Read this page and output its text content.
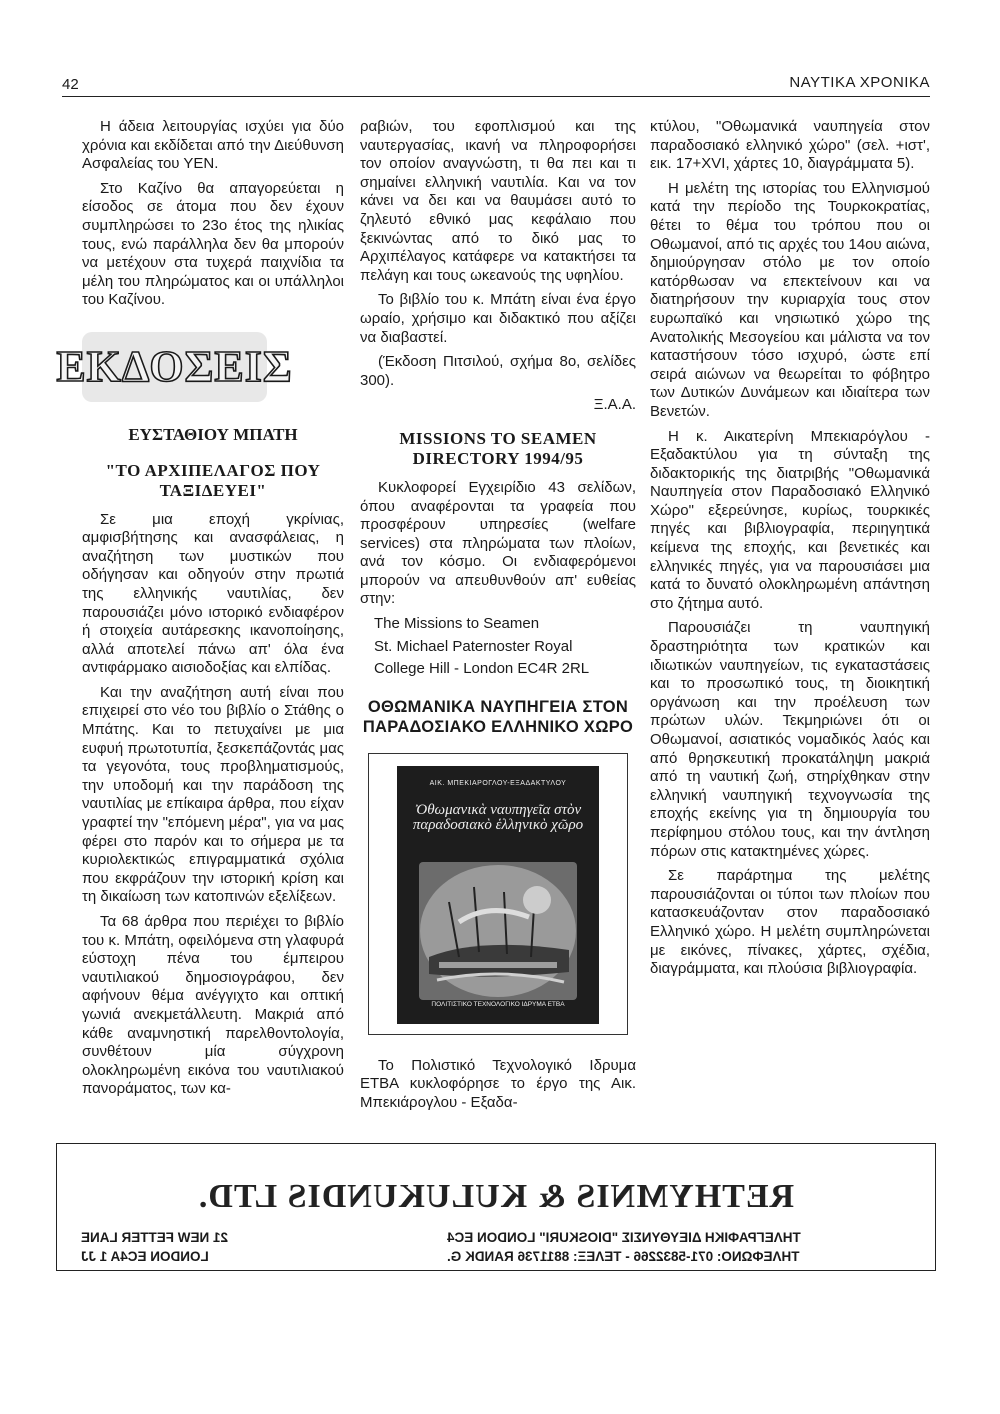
42	ΝΑΥΤΙΚΑ ΧΡΟΝΙΚΑ

Η άδεια λειτουργίας ισχύει για δύο χρόνια και εκδίδεται από την Διεύθυνση Ασφαλείας του ΥΕΝ.

Στο Καζίνο θα απαγορεύεται η είσοδος σε άτομα που δεν έχουν συμπληρώσει το 23ο έτος της ηλικίας τους, ενώ παράλληλα δεν θα μπορούν να μετέχουν στα τυχερά παιχνίδια τα μέλη του πληρώματος και οι υπάλληλοι του Καζίνου.

ΕΚΔΟΣΕΙΣ
ΕΥΣΤΑΘΙΟΥ ΜΠΑΤΗ
"ΤΟ ΑΡΧΙΠΕΛΑΓΟΣ ΠΟΥ ΤΑΞΙΔΕΥΕΙ"

Σε μια εποχή γκρίνιας, αμφισβήτησης και ανασφάλειας, η αναζήτηση των μυστικών που οδήγησαν και οδηγούν στην πρωτιά της ελληνικής ναυτιλίας, δεν παρουσιάζει μόνο ιστορικό ενδιαφέρον ή στοιχεία αυτάρεσκης ικανοποίησης, αλλά αποτελεί πάνω απ' όλα ένα αντιφάρμακο αισιοδοξίας και ελπίδας.

Και την αναζήτηση αυτή είναι που επιχειρεί στο νέο του βιβλίο ο Στάθης ο Μπάτης. Και το πετυχαίνει με μια ευφυή πρωτοτυπία, ξεσκεπάζοντάς μας τα γεγονότα, τους προβληματισμούς, την υποδομή και την παράδοση της ναυτιλίας με επίκαιρα άρθρα, που είχαν γραφτεί την "επόμενη μέρα", για να μας φέρει στο παρόν και το σήμερα με τα κυριολεκτικώς επιγραμματικά σχόλια που εκφράζουν την ιστορική κρίση και τη δικαίωση των κατοπινών εξελίξεων.

Τα 68 άρθρα που περιέχει το βιβλίο του κ. Μπάτη, οφειλόμενα στη γλαφυρά εύστοχη πένα του έμπειρου ναυτιλιακού δημοσιογράφου, δεν αφήνουν θέμα ανέγγιχτο και οπτική γωνιά ανεκμετάλλευτη. Μακριά από κάθε αναμνηστική παρελθοντολογία, συνθέτουν μία σύγχρονη ολοκληρωμένη εικόνα του ναυτιλιακού πανοράματος, των κα-

ραβιών, του εφοπλισμού και της ναυτεργασίας, ικανή να πληροφορήσει τον οποίον αναγνώστη, τι θα πει και τι σημαίνει ελληνική ναυτιλία. Και να τον κάνει να δει και να θαυμάσει αυτό το ζηλευτό εθνικό μας κεφάλαιο που ξεκινώντας από το δικό μας το Αρχιπέλαγος κατάφερε να κατακτήσει τα πελάγη και τους ωκεανούς της υφηλίου.

Το βιβλίο του κ. Μπάτη είναι ένα έργο ωραίο, χρήσιμο και διδακτικό που αξίζει να διαβαστεί.

(Έκδοση Πιτσιλού, σχήμα 8ο, σελίδες 300).

Ξ.Α.Α.

MISSIONS TO SEAMEN DIRECTORY 1994/95

Κυκλοφορεί Εγχειρίδιο 43 σελίδων, όπου αναφέρονται τα γραφεία που προσφέρουν υπηρεσίες (welfare services) στα πληρώματα των πλοίων, ανά τον κόσμο. Οι ενδιαφερόμενοι μπορούν να απευθυνθούν απ' ευθείας στην:

The Missions to Seamen

St. Michael Paternoster Royal

College Hill - London EC4R 2RL

ΟΘΩΜΑΝΙΚΑ ΝΑΥΠΗΓΕΙΑ ΣΤΟΝ ΠΑΡΑΔΟΣΙΑΚΟ ΕΛΛΗΝΙΚΟ ΧΩΡΟ
ΑΙΚ. ΜΠΕΚΙΑΡΟΓΛΟΥ-ΕΞΑΔΑΚΤΥΛΟΥ
Ὀθωμανικὰ ναυπηγεῖα στὸν παραδοσιακὸ ἑλληνικὸ χῶρο
ΠΟΛΙΤΙΣΤΙΚΟ ΤΕΧΝΟΛΟΓΙΚΟ ΙΔΡΥΜΑ ΕΤΒΑ

Το Πολιστικό Τεχνολογικό Ιδρυμα ΕΤΒΑ κυκλοφόρησε το έργο της Αικ. Μπεκιάρογλου - Εξαδα-

κτύλου, "Οθωμανικά ναυπηγεία στον παραδοσιακό ελληνικό χώρο" (σελ. +ιστ', εικ. 17+XVI, χάρτες 10, διαγράμματα 5).

Η μελέτη της ιστορίας του Ελληνισμού κατά την περίοδο της Τουρκοκρατίας, θέτει το θέμα του τρόπου που οι Οθωμανοί, από τις αρχές του 14ου αιώνα, δημιούργησαν στόλο με τον οποίο κατόρθωσαν να επεκτείνουν και να διατηρήσουν την κυριαρχία τους στον ευρωπαϊκό και νησιωτικό χώρο της Ανατολικής Μεσογείου και μάλιστα να τον καταστήσουν τόσο ισχυρό, ώστε επί σειρά αιώνων να θεωρείται το φόβητρο των Δυτικών Δυνάμεων και ιδιαίτερα των Βενετών.

Η κ. Αικατερίνη Μπεκιαρόγλου - Εξαδακτύλου για τη σύνταξη της διδακτορικής της διατριβής "Οθωμανικά Ναυπηγεία στον Παραδοσιακό Ελληνικό Χώρο" εξερεύνησε, κυρίως, τουρκικές πηγές και βιβλιογραφία, περιηγητικά κείμενα της εποχής, και βενετικές και ελληνικές πηγές, για να παρουσιάσει μια κατά το δυνατό ολοκληρωμένη απάντηση στο ζήτημα αυτό.

Παρουσιάζει τη ναυπηγική δραστηριότητα των κρατικών και ιδιωτικών ναυπηγείων, τις εγκαταστάσεις και το προσωπικό τους, τη διοικητική οργάνωση και την προέλευση των πρώτων υλών. Τεκμηριώνει ότι οι Οθωμανοί, ασιατικός νομαδικός λαός και από θρησκευτική προκατάληψη μακριά από τη ναυτική ζωή, στηρίχθηκαν στην ελληνική ναυπηγική τεχνογνωσία της εποχής εκείνης για τη δημιουργία του περίφημου στόλου τους, και την άντληση πόρων στις κατακτημένες χώρες.

Σε παράρτημα της μελέτης παρουσιάζονται οι τύποι των πλοίων που κατασκευάζονταν στον παραδοσιακό Ελληνικό χώρο. Η μελέτη συμπληρώνεται με εικόνες, πίνακες, χάρτες, σχέδια, διαγράμματα, και πλούσια βιβλιογραφία.

RETHYMNIS & KULUKUNDIS LTD.
21 NEW FETTER LANE
LONDON EC4A 1 JJ
ΤΗΛΕΓΡΑΦΙΚΗ ΔΙΕΥΘΥΝΣΙΣ "DIOSKURI" LONDON EC4
ΤΗΛΕΦΩΝΟ: 071-5832266 - ΤΕΛΕΞ: 8811736 RANDK G.
